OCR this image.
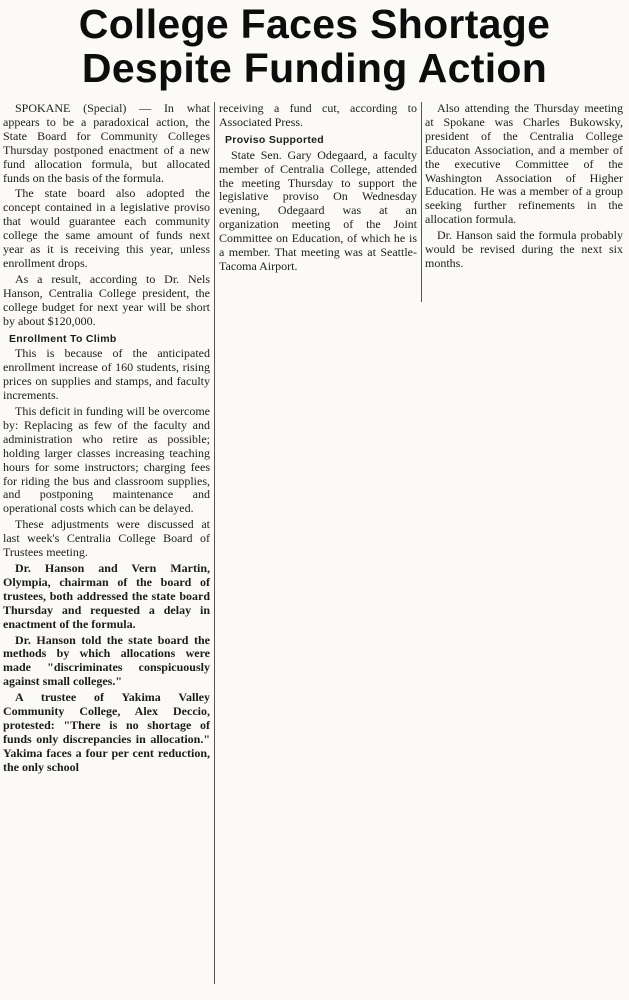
College Faces Shortage
Despite Funding Action

SPOKANE (Special) — In what appears to be a paradoxical action, the State Board for Community Colleges Thursday postponed enactment of a new fund allocation formula, but allocated funds on the basis of the formula.

The state board also adopted the concept contained in a legislative proviso that would guarantee each community college the same amount of funds next year as it is receiving this year, unless enrollment drops.

As a result, according to Dr. Nels Hanson, Centralia College president, the college budget for next year will be short by about $120,000.

Enrollment To Climb

This is because of the anticipated enrollment increase of 160 students, rising prices on supplies and stamps, and faculty increments.

This deficit in funding will be overcome by: Replacing as few of the faculty and administration who retire as possible; holding larger classes increasing teaching hours for some instructors; charging fees for riding the bus and classroom supplies, and postponing maintenance and operational costs which can be delayed.

These adjustments were discussed at last week's Centralia College Board of Trustees meeting.

Dr. Hanson and Vern Martin, Olympia, chairman of the board of trustees, both addressed the state board Thursday and requested a delay in enactment of the formula.

Dr. Hanson told the state board the methods by which allocations were made "discriminates conspicuously against small colleges."

A trustee of Yakima Valley Community College, Alex Deccio, protested: "There is no shortage of funds only discrepancies in allocation." Yakima faces a four per cent reduction, the only school

receiving a fund cut, according to Associated Press.

Proviso Supported

State Sen. Gary Odegaard, a faculty member of Centralia College, attended the meeting Thursday to support the legislative proviso On Wednesday evening, Odegaard was at an organization meeting of the Joint Committee on Education, of which he is a member. That meeting was at Seattle-Tacoma Airport.

Also attending the Thursday meeting at Spokane was Charles Bukowsky, president of the Centralia College Educaton Association, and a member of the executive Committee of the Washington Association of Higher Education. He was a member of a group seeking further refinements in the allocation formula.

Dr. Hanson said the formula probably would be revised during the next six months.
